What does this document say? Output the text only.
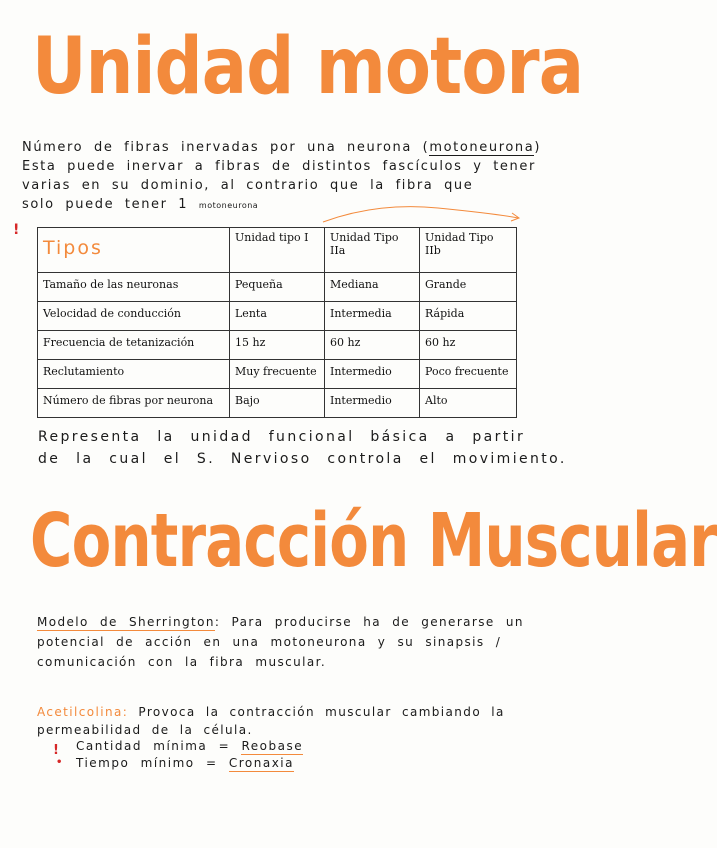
Unidad motora
Número de fibras inervadas por una neurona (motoneurona)
Esta puede inervar a fibras de distintos fascículos y tener
varias en su dominio, al contrario que la fibra que
solo puede tener 1 motoneurona
!
Tipos	Unidad tipo I	Unidad Tipo IIa	Unidad Tipo IIb
Tamaño de las neuronas	Pequeña	Mediana	Grande
Velocidad de conducción	Lenta	Intermedia	Rápida
Frecuencia de tetanización	15 hz	60 hz	60 hz
Reclutamiento	Muy frecuente	Intermedio	Poco frecuente
Número de fibras por neurona	Bajo	Intermedio	Alto
Representa la unidad funcional básica a partir
de la cual el S. Nervioso controla el movimiento.
Contracción Muscular
Modelo de Sherrington: Para producirse ha de generarse un
potencial de acción en una motoneurona y su sinapsis /
comunicación con la fibra muscular.
Acetilcolina: Provoca la contracción muscular cambiando la
permeabilidad de la célula.
!
•
Cantidad mínima = Reobase
Tiempo mínimo = Cronaxia
